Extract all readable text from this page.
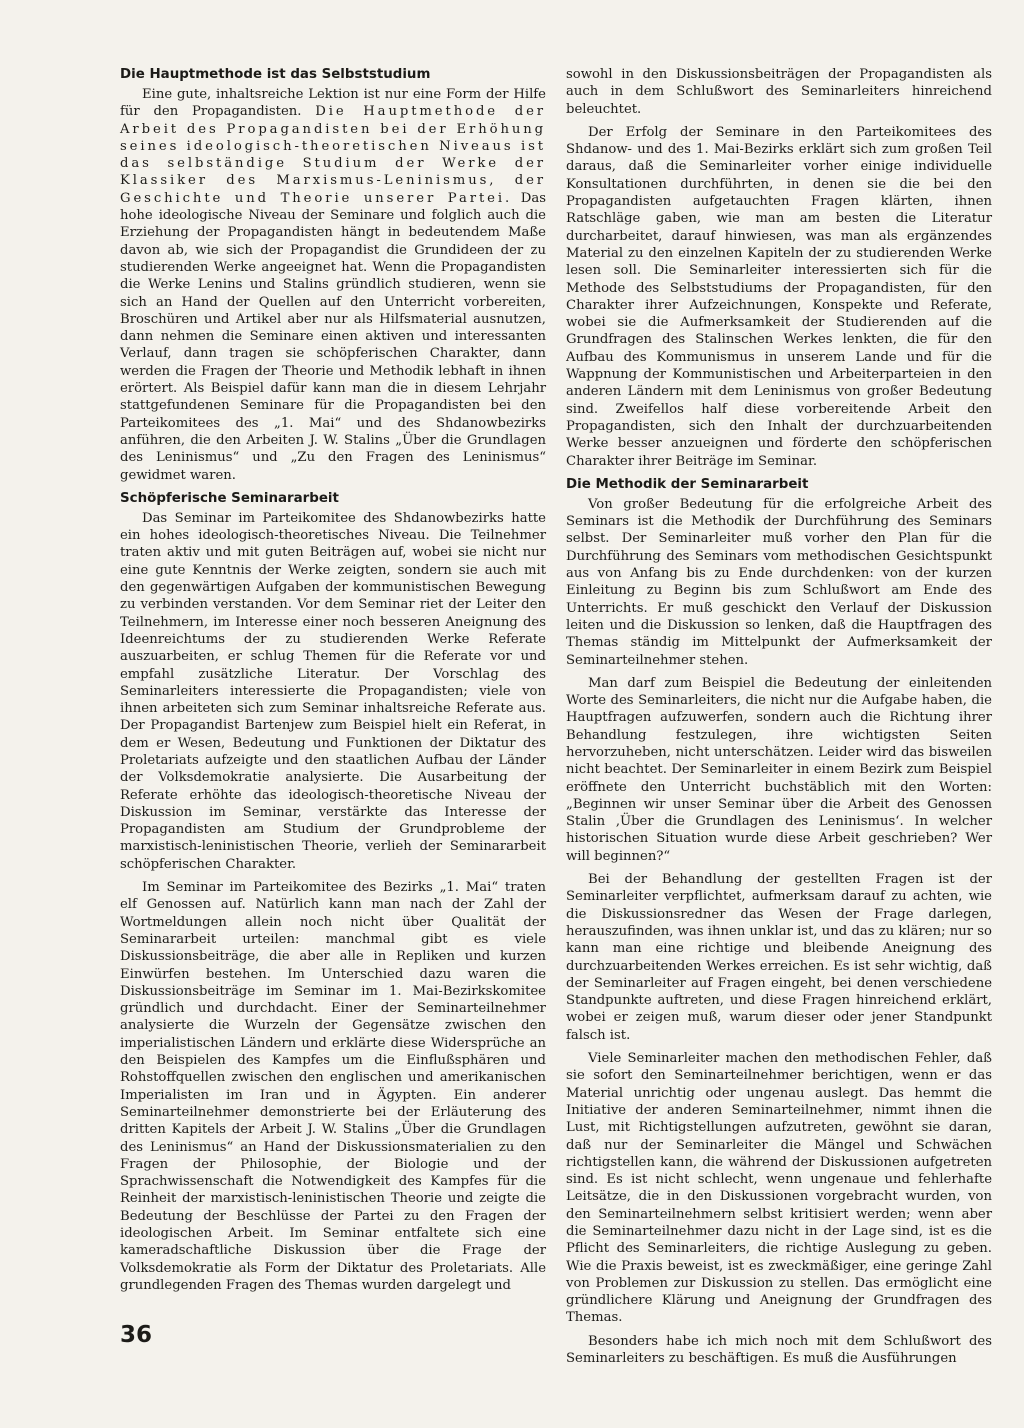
Die Hauptmethode ist das Selbststudium

Eine gute, inhaltsreiche Lektion ist nur eine Form der Hilfe für den Propagandisten. Die Hauptmethode der Arbeit des Propagandisten bei der Erhöhung seines ideologisch-theoretischen Niveaus ist das selbständige Studium der Werke der Klassiker des Marxismus-Leninismus, der Geschichte und Theorie unserer Partei. Das hohe ideologische Niveau der Seminare und folglich auch die Erziehung der Propagandisten hängt in bedeutendem Maße davon ab, wie sich der Propagandist die Grundideen der zu studierenden Werke angeeignet hat. Wenn die Propagandisten die Werke Lenins und Stalins gründlich studieren, wenn sie sich an Hand der Quellen auf den Unterricht vorbereiten, Broschüren und Artikel aber nur als Hilfsmaterial ausnutzen, dann nehmen die Seminare einen aktiven und interessanten Verlauf, dann tragen sie schöpferischen Charakter, dann werden die Fragen der Theorie und Methodik lebhaft in ihnen erörtert. Als Beispiel dafür kann man die in diesem Lehrjahr stattgefundenen Seminare für die Propagandisten bei den Parteikomitees des „1. Mai“ und des Shdanowbezirks anführen, die den Arbeiten J. W. Stalins „Über die Grundlagen des Leninismus“ und „Zu den Fragen des Leninismus“ gewidmet waren.

Schöpferische Seminararbeit

Das Seminar im Parteikomitee des Shdanowbezirks hatte ein hohes ideologisch-theoretisches Niveau. Die Teilnehmer traten aktiv und mit guten Beiträgen auf, wobei sie nicht nur eine gute Kenntnis der Werke zeigten, sondern sie auch mit den gegenwärtigen Aufgaben der kommunistischen Bewegung zu verbinden verstanden. Vor dem Seminar riet der Leiter den Teilnehmern, im Interesse einer noch besseren Aneignung des Ideenreichtums der zu studierenden Werke Referate auszuarbeiten, er schlug Themen für die Referate vor und empfahl zusätzliche Literatur. Der Vorschlag des Seminarleiters interessierte die Propagandisten; viele von ihnen arbeiteten sich zum Seminar inhaltsreiche Referate aus. Der Propagandist Bartenjew zum Beispiel hielt ein Referat, in dem er Wesen, Bedeutung und Funktionen der Diktatur des Proletariats aufzeigte und den staatlichen Aufbau der Länder der Volksdemokratie analysierte. Die Ausarbeitung der Referate erhöhte das ideologisch-theoretische Niveau der Diskussion im Seminar, verstärkte das Interesse der Propagandisten am Studium der Grundprobleme der marxistisch-leninistischen Theorie, verlieh der Seminararbeit schöpferischen Charakter.

Im Seminar im Parteikomitee des Bezirks „1. Mai“ traten elf Genossen auf. Natürlich kann man nach der Zahl der Wortmeldungen allein noch nicht über Qualität der Seminararbeit urteilen: manchmal gibt es viele Diskussionsbeiträge, die aber alle in Repliken und kurzen Einwürfen bestehen. Im Unterschied dazu waren die Diskussionsbeiträge im Seminar im 1. Mai-Bezirkskomitee gründlich und durchdacht. Einer der Seminarteilnehmer analysierte die Wurzeln der Gegensätze zwischen den imperialistischen Ländern und erklärte diese Widersprüche an den Beispielen des Kampfes um die Einflußsphären und Rohstoffquellen zwischen den englischen und amerikanischen Imperialisten im Iran und in Ägypten. Ein anderer Seminarteilnehmer demonstrierte bei der Erläuterung des dritten Kapitels der Arbeit J. W. Stalins „Über die Grundlagen des Leninismus“ an Hand der Diskussionsmaterialien zu den Fragen der Philosophie, der Biologie und der Sprachwissenschaft die Notwendigkeit des Kampfes für die Reinheit der marxistisch-leninistischen Theorie und zeigte die Bedeutung der Beschlüsse der Partei zu den Fragen der ideologischen Arbeit. Im Seminar entfaltete sich eine kameradschaftliche Diskussion über die Frage der Volksdemokratie als Form der Diktatur des Proletariats. Alle grundlegenden Fragen des Themas wurden dargelegt und

sowohl in den Diskussionsbeiträgen der Propagandisten als auch in dem Schlußwort des Seminarleiters hinreichend beleuchtet.

Der Erfolg der Seminare in den Parteikomitees des Shdanow- und des 1. Mai-Bezirks erklärt sich zum großen Teil daraus, daß die Seminarleiter vorher einige individuelle Konsultationen durchführten, in denen sie die bei den Propagandisten aufgetauchten Fragen klärten, ihnen Ratschläge gaben, wie man am besten die Literatur durcharbeitet, darauf hinwiesen, was man als ergänzendes Material zu den einzelnen Kapiteln der zu studierenden Werke lesen soll. Die Seminarleiter interessierten sich für die Methode des Selbststudiums der Propagandisten, für den Charakter ihrer Aufzeichnungen, Konspekte und Referate, wobei sie die Aufmerksamkeit der Studierenden auf die Grundfragen des Stalinschen Werkes lenkten, die für den Aufbau des Kommunismus in unserem Lande und für die Wappnung der Kommunistischen und Arbeiterparteien in den anderen Ländern mit dem Leninismus von großer Bedeutung sind. Zweifellos half diese vorbereitende Arbeit den Propagandisten, sich den Inhalt der durchzuarbeitenden Werke besser anzueignen und förderte den schöpferischen Charakter ihrer Beiträge im Seminar.

Die Methodik der Seminararbeit

Von großer Bedeutung für die erfolgreiche Arbeit des Seminars ist die Methodik der Durchführung des Seminars selbst. Der Seminarleiter muß vorher den Plan für die Durchführung des Seminars vom methodischen Gesichtspunkt aus von Anfang bis zu Ende durchdenken: von der kurzen Einleitung zu Beginn bis zum Schlußwort am Ende des Unterrichts. Er muß geschickt den Verlauf der Diskussion leiten und die Diskussion so lenken, daß die Hauptfragen des Themas ständig im Mittelpunkt der Aufmerksamkeit der Seminarteilnehmer stehen.

Man darf zum Beispiel die Bedeutung der einleitenden Worte des Seminarleiters, die nicht nur die Aufgabe haben, die Hauptfragen aufzuwerfen, sondern auch die Richtung ihrer Behandlung festzulegen, ihre wichtigsten Seiten hervorzuheben, nicht unterschätzen. Leider wird das bisweilen nicht beachtet. Der Seminarleiter in einem Bezirk zum Beispiel eröffnete den Unterricht buchstäblich mit den Worten: „Beginnen wir unser Seminar über die Arbeit des Genossen Stalin ‚Über die Grundlagen des Leninismus‘. In welcher historischen Situation wurde diese Arbeit geschrieben? Wer will beginnen?“

Bei der Behandlung der gestellten Fragen ist der Seminarleiter verpflichtet, aufmerksam darauf zu achten, wie die Diskussionsredner das Wesen der Frage darlegen, herauszufinden, was ihnen unklar ist, und das zu klären; nur so kann man eine richtige und bleibende Aneignung des durchzuarbeitenden Werkes erreichen. Es ist sehr wichtig, daß der Seminarleiter auf Fragen eingeht, bei denen verschiedene Standpunkte auftreten, und diese Fragen hinreichend erklärt, wobei er zeigen muß, warum dieser oder jener Standpunkt falsch ist.

Viele Seminarleiter machen den methodischen Fehler, daß sie sofort den Seminarteilnehmer berichtigen, wenn er das Material unrichtig oder ungenau auslegt. Das hemmt die Initiative der anderen Seminarteilnehmer, nimmt ihnen die Lust, mit Richtigstellungen aufzutreten, gewöhnt sie daran, daß nur der Seminarleiter die Mängel und Schwächen richtigstellen kann, die während der Diskussionen aufgetreten sind. Es ist nicht schlecht, wenn ungenaue und fehlerhafte Leitsätze, die in den Diskussionen vorgebracht wurden, von den Seminarteilnehmern selbst kritisiert werden; wenn aber die Seminarteilnehmer dazu nicht in der Lage sind, ist es die Pflicht des Seminarleiters, die richtige Auslegung zu geben. Wie die Praxis beweist, ist es zweckmäßiger, eine geringe Zahl von Problemen zur Diskussion zu stellen. Das ermöglicht eine gründlichere Klärung und Aneignung der Grundfragen des Themas.

Besonders habe ich mich noch mit dem Schlußwort des Seminarleiters zu beschäftigen. Es muß die Ausführungen

36
